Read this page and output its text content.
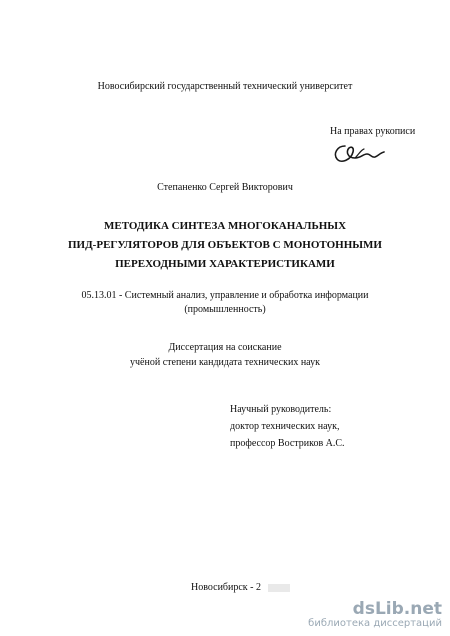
Новосибирский государственный технический университет
На правах рукописи
Степаненко Сергей Викторович
МЕТОДИКА СИНТЕЗА МНОГОКАНАЛЬНЫХ
ПИД-РЕГУЛЯТОРОВ ДЛЯ ОБЪЕКТОВ С МОНОТОННЫМИ
ПЕРЕХОДНЫМИ ХАРАКТЕРИСТИКАМИ
05.13.01 - Системный анализ, управление и обработка информации
(промышленность)
Диссертация на соискание
учёной степени кандидата технических наук
Научный руководитель:
доктор технических наук,
профессор Востриков А.С.
Новосибирск - 2
dsLib.net
библиотека диссертаций
